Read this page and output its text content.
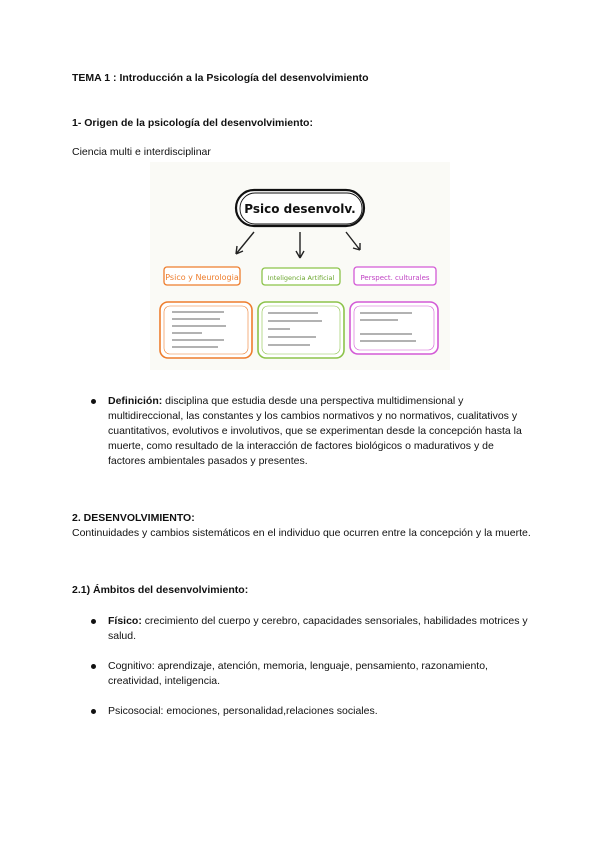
TEMA 1 : Introducción a la Psicología del desenvolvimiento
1- Origen de la psicología del desenvolvimiento:
Ciencia multi e interdisciplinar
Psico desenvolv.
Psico y Neurologia	Inteligencia Artificial	Perspect. culturales
Definición: disciplina que estudia desde una perspectiva multidimensional y multidireccional, las constantes y los cambios normativos y no normativos, cualitativos y cuantitativos, evolutivos e involutivos, que se experimentan desde la concepción hasta la muerte, como resultado de la interacción de factores biológicos o madurativos y de factores ambientales pasados y presentes.
2. DESENVOLVIMIENTO:
Continuidades y cambios sistemáticos en el individuo que ocurren entre la concepción y la muerte.
2.1) Ámbitos del desenvolvimiento:
Físico: crecimiento del cuerpo y cerebro, capacidades sensoriales, habilidades motrices y salud.
Cognitivo: aprendizaje, atención, memoria, lenguaje, pensamiento, razonamiento, creatividad, inteligencia.
Psicosocial: emociones, personalidad,relaciones sociales.
